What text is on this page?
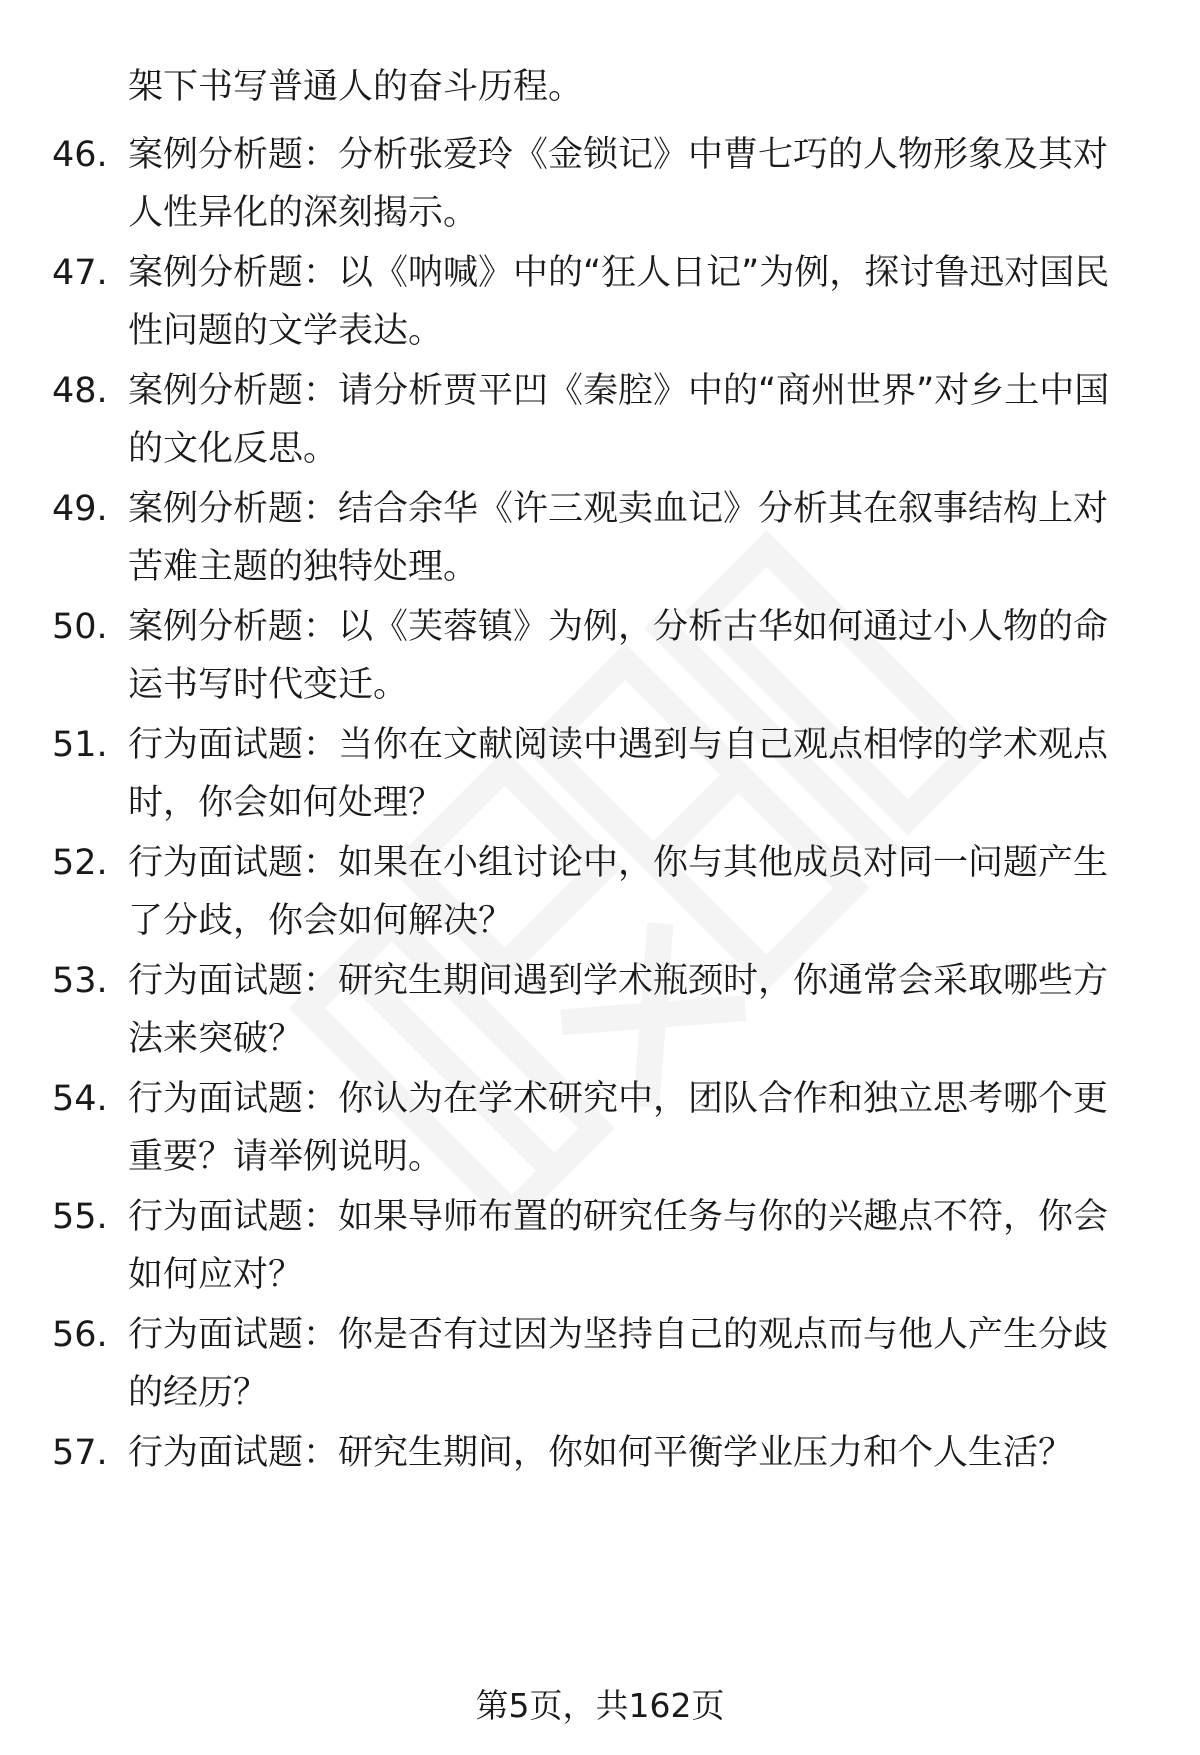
架下书写普通人的奋斗历程。
46. 案例分析题：分析张爱玲《金锁记》中曹七巧的人物形象及其对人性异化的深刻揭示。
47. 案例分析题：以《呐喊》中的“狂人日记”为例，探讨鲁迅对国民性问题的文学表达。
48. 案例分析题：请分析贾平凹《秦腔》中的“商州世界”对乡土中国的文化反思。
49. 案例分析题：结合余华《许三观卖血记》分析其在叙事结构上对苦难主题的独特处理。
50. 案例分析题：以《芙蓉镇》为例，分析古华如何通过小人物的命运书写时代变迁。
51. 行为面试题：当你在文献阅读中遇到与自己观点相悖的学术观点时，你会如何处理？
52. 行为面试题：如果在小组讨论中，你与其他成员对同一问题产生了分歧，你会如何解决？
53. 行为面试题：研究生期间遇到学术瓶颈时，你通常会采取哪些方法来突破？
54. 行为面试题：你认为在学术研究中，团队合作和独立思考哪个更重要？请举例说明。
55. 行为面试题：如果导师布置的研究任务与你的兴趣点不符，你会如何应对？
56. 行为面试题：你是否有过因为坚持自己的观点而与他人产生分歧的经历？
57. 行为面试题：研究生期间，你如何平衡学业压力和个人生活？
第5页，共162页
